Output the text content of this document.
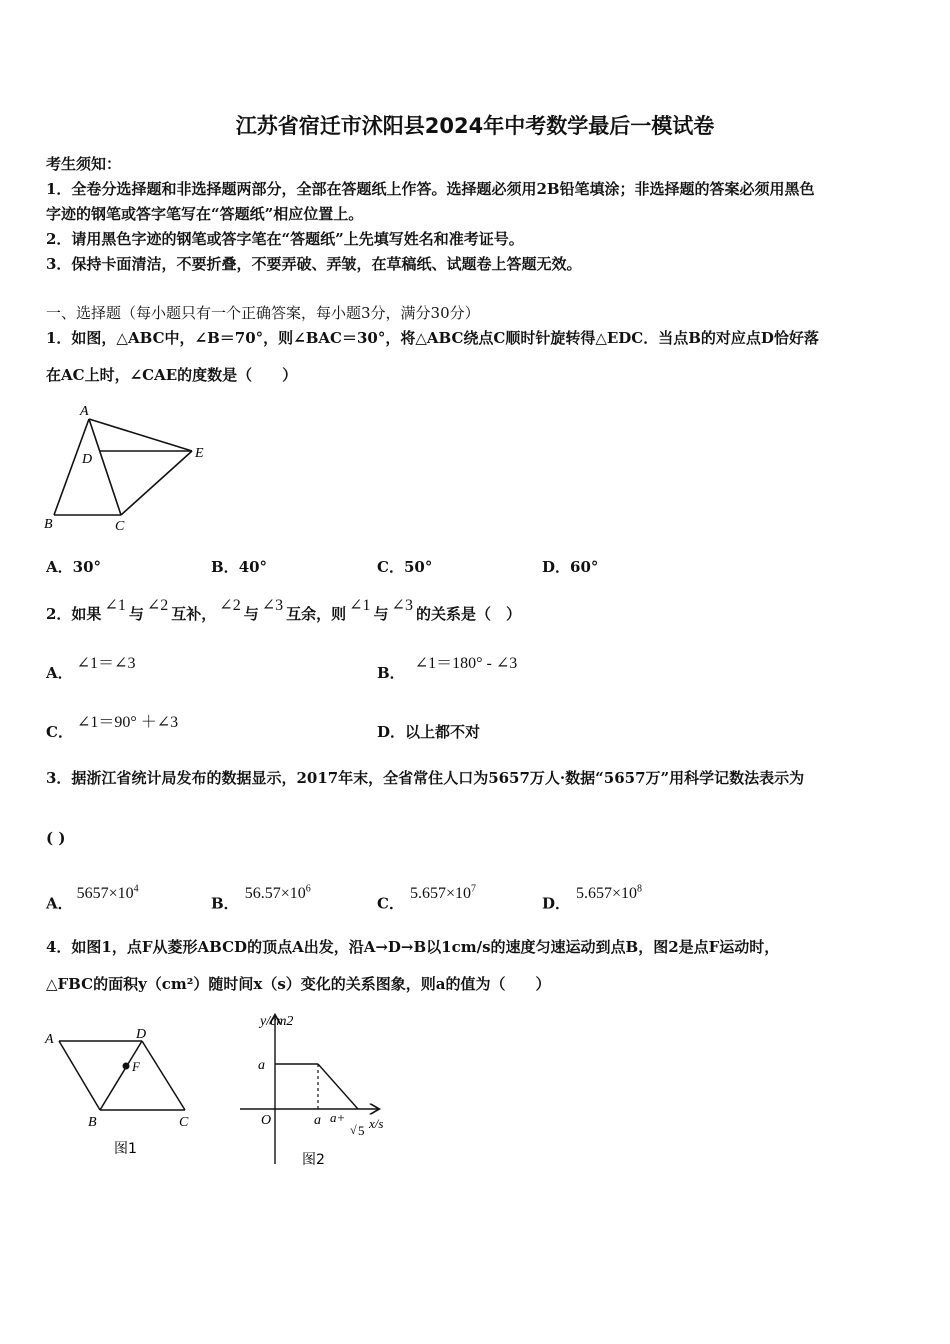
江苏省宿迁市沭阳县2024年中考数学最后一模试卷
考生须知：
1．全卷分选择题和非选择题两部分，全部在答题纸上作答。选择题必须用2B铅笔填涂；非选择题的答案必须用黑色
字迹的钢笔或答字笔写在“答题纸”相应位置上。
2．请用黑色字迹的钢笔或答字笔在“答题纸”上先填写姓名和准考证号。
3．保持卡面清洁，不要折叠，不要弄破、弄皱，在草稿纸、试题卷上答题无效。
一、选择题（每小题只有一个正确答案，每小题3分，满分30分）
1．如图，△ABC中，∠B＝70°，则∠BAC＝30°，将△ABC绕点C顺时针旋转得△EDC．当点B的对应点D恰好落
在AC上时，∠CAE的度数是（　　）
A
D	E
B	C
A．30°	B．40°	C．50°	D．60°
2．如果 ∠1 与 ∠2 互补， ∠2 与 ∠3 互余，则 ∠1 与 ∠3 的关系是（　）
A．∠1＝∠3
B．∠1＝180° - ∠3
C．∠1＝90° ＋∠3
D．以上都不对
3．据浙江省统计局发布的数据显示，2017年末，全省常住人口为5657万人·数据“5657万”用科学记数法表示为
( )
A．$5657\times 10^4$
B．$56.57\times 10^6$
C．$5.657\times 10^7$
D．$5.657\times 10^8$
4．如图1，点F从菱形ABCD的顶点A出发，沿A→D→B以1cm/s的速度匀速运动到点B，图2是点F运动时，
△FBC的面积y（cm²）随时间x（s）变化的关系图象，则a的值为（　　）
A	D
F
B	C
图1
y/cm2
a
O	a a+
√ 5 x/s
图2
